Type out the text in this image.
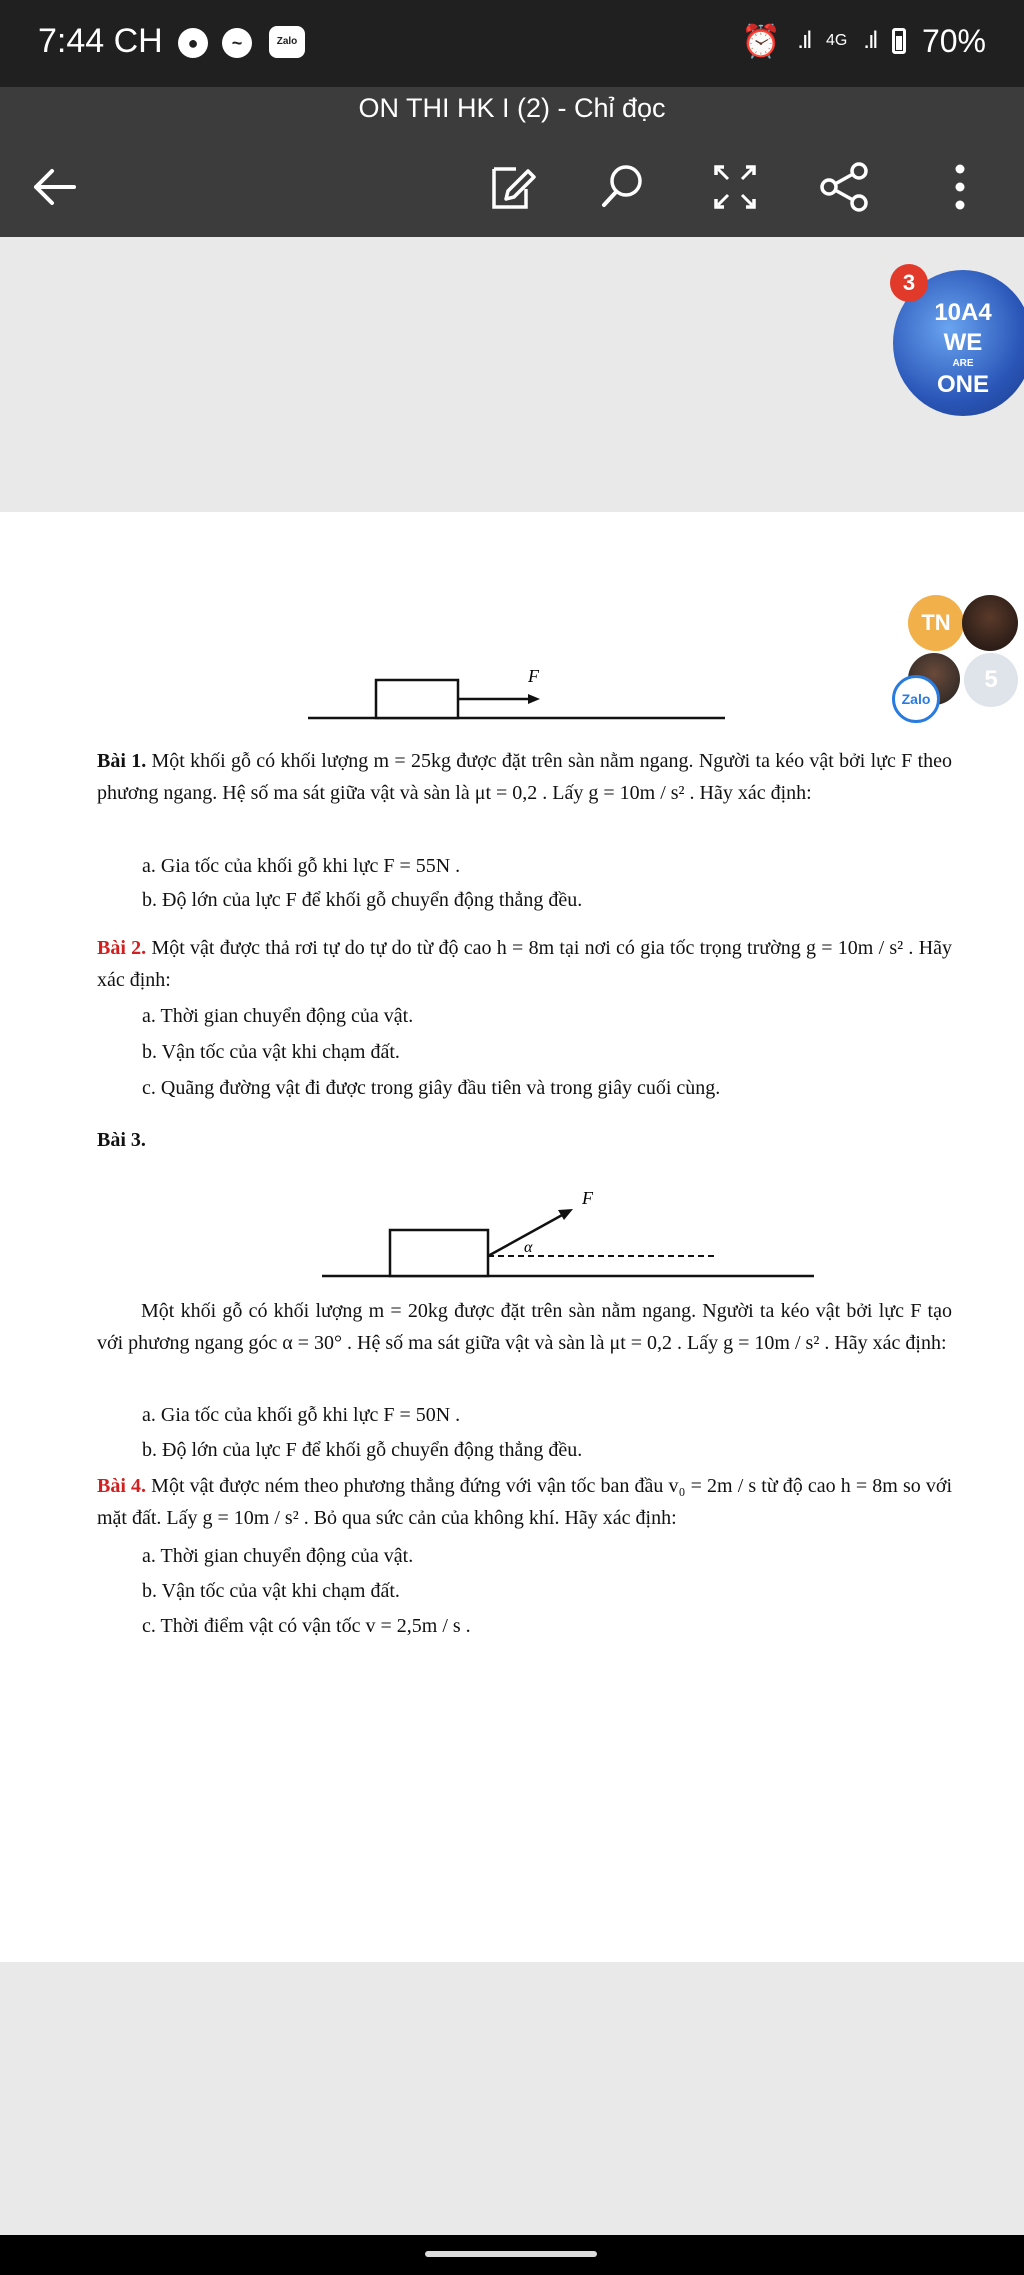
7:44 CH	●	~	Zalo	⏰ .ıl 4G .ıl 70%
ON THI HK I (2) - Chỉ đọc
10A4
WE
ARE
ONE
3
F
Bài 1. Một khối gỗ có khối lượng m = 25kg được đặt trên sàn nằm ngang. Người ta kéo vật bởi lực F theo phương ngang. Hệ số ma sát giữa vật và sàn là μt = 0,2 . Lấy g = 10m / s² . Hãy xác định:
a. Gia tốc của khối gỗ khi lực F = 55N .
b. Độ lớn của lực F để khối gỗ chuyển động thẳng đều.
Bài 2. Một vật được thả rơi tự do tự do từ độ cao h = 8m tại nơi có gia tốc trọng trường g = 10m / s² . Hãy xác định:
a. Thời gian chuyển động của vật.
b. Vận tốc của vật khi chạm đất.
c. Quãng đường vật đi được trong giây đầu tiên và trong giây cuối cùng.
Bài 3.
F
α
Một khối gỗ có khối lượng m = 20kg được đặt trên sàn nằm ngang. Người ta kéo vật bởi lực F tạo với phương ngang góc α = 30° . Hệ số ma sát giữa vật và sàn là μt = 0,2 . Lấy g = 10m / s² . Hãy xác định:
a. Gia tốc của khối gỗ khi lực F = 50N .
b. Độ lớn của lực F để khối gỗ chuyển động thẳng đều.
Bài 4. Một vật được ném theo phương thẳng đứng với vận tốc ban đầu v₀ = 2m / s từ độ cao h = 8m so với mặt đất. Lấy g = 10m / s² . Bỏ qua sức cản của không khí. Hãy xác định:
a. Thời gian chuyển động của vật.
b. Vận tốc của vật khi chạm đất.
c. Thời điểm vật có vận tốc v = 2,5m / s .
TN
5
Zalo
